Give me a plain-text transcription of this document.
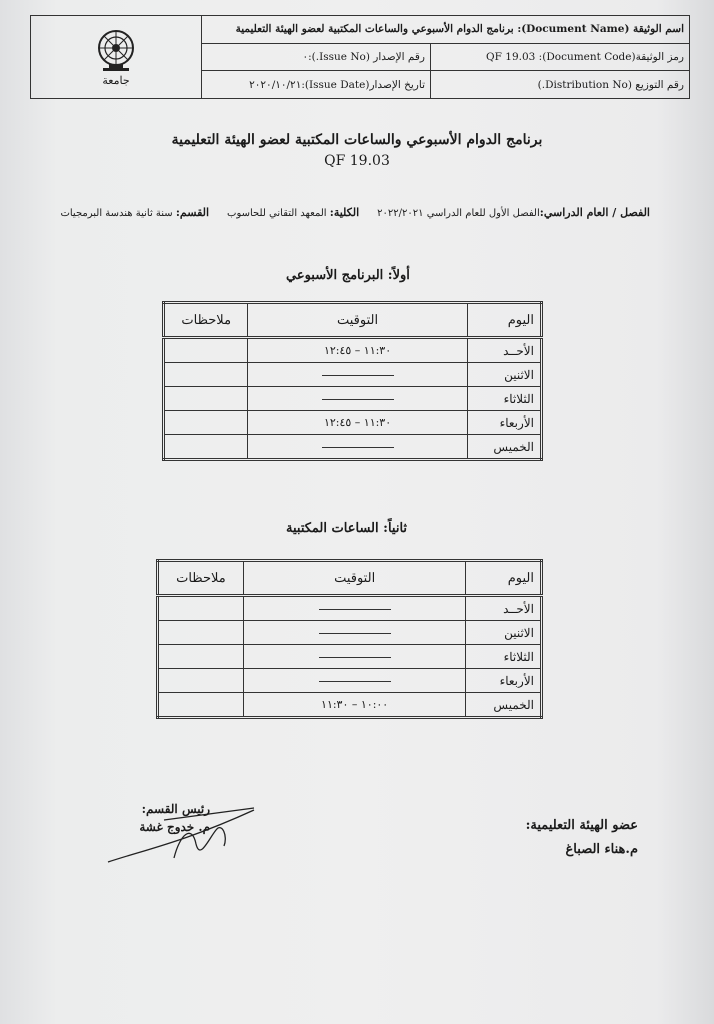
جامعة
اسم الوثيقة (Document Name): برنامج الدوام الأسبوعي والساعات المكتبية لعضو الهيئة التعليمية
رمز الوثيقة(Document Code): QF 19.03
رقم الإصدار (Issue No.):٠
رقم التوزيع (Distribution No.)
تاريخ الإصدار(Issue Date):٢٠٢٠/١٠/٢١
برنامج الدوام الأسبوعي والساعات المكتبية لعضو الهيئة التعليمية
QF 19.03
الفصل / العام الدراسي:الفصل الأول للعام الدراسي ٢٠٢٢/٢٠٢١
الكلية: المعهد التقاني للحاسوب
القسم: سنة ثانية هندسة البرمجيات
أولاً: البرنامج الأسبوعي
اليوم	التوقيت	ملاحظات
الأحــد	١١:٣٠ – ١٢:٤٥	
الاثنين		
الثلاثاء		
الأربعاء	١١:٣٠ – ١٢:٤٥	
الخميس		
ثانياً: الساعات المكتبية
اليوم	التوقيت	ملاحظات
الأحــد		
الاثنين		
الثلاثاء		
الأربعاء		
الخميس	١٠:٠٠ – ١١:٣٠	
رئيس القسم:
م. خدوج غشة	عضو الهيئة التعليمية:
م.هناء الصباغ
